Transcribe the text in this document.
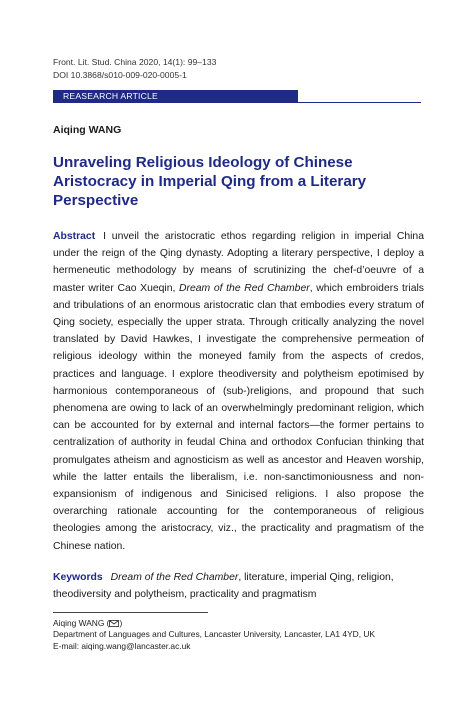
Front. Lit. Stud. China 2020, 14(1): 99–133
DOI 10.3868/s010-009-020-0005-1
REASEARCH ARTICLE
Aiqing WANG
Unraveling Religious Ideology of Chinese Aristocracy in Imperial Qing from a Literary Perspective
Abstract I unveil the aristocratic ethos regarding religion in imperial China under the reign of the Qing dynasty. Adopting a literary perspective, I deploy a hermeneutic methodology by means of scrutinizing the chef-d’oeuvre of a master writer Cao Xueqin, Dream of the Red Chamber, which embroiders trials and tribulations of an enormous aristocratic clan that embodies every stratum of Qing society, especially the upper strata. Through critically analyzing the novel translated by David Hawkes, I investigate the comprehensive permeation of religious ideology within the moneyed family from the aspects of credos, practices and language. I explore theodiversity and polytheism epotimised by harmonious contemporaneous of (sub-)religions, and propound that such phenomena are owing to lack of an overwhelmingly predominant religion, which can be accounted for by external and internal factors—the former pertains to centralization of authority in feudal China and orthodox Confucian thinking that promulgates atheism and agnosticism as well as ancestor and Heaven worship, while the latter entails the liberalism, i.e. non-sanctimoniousness and non-expansionism of indigenous and Sinicised religions. I also propose the overarching rationale accounting for the contemporaneous of religious theologies among the aristocracy, viz., the practicality and pragmatism of the Chinese nation.
Keywords Dream of the Red Chamber, literature, imperial Qing, religion, theodiversity and polytheism, practicality and pragmatism
Aiqing WANG ( )
Department of Languages and Cultures, Lancaster University, Lancaster, LA1 4YD, UK
E-mail: aiqing.wang@lancaster.ac.uk
